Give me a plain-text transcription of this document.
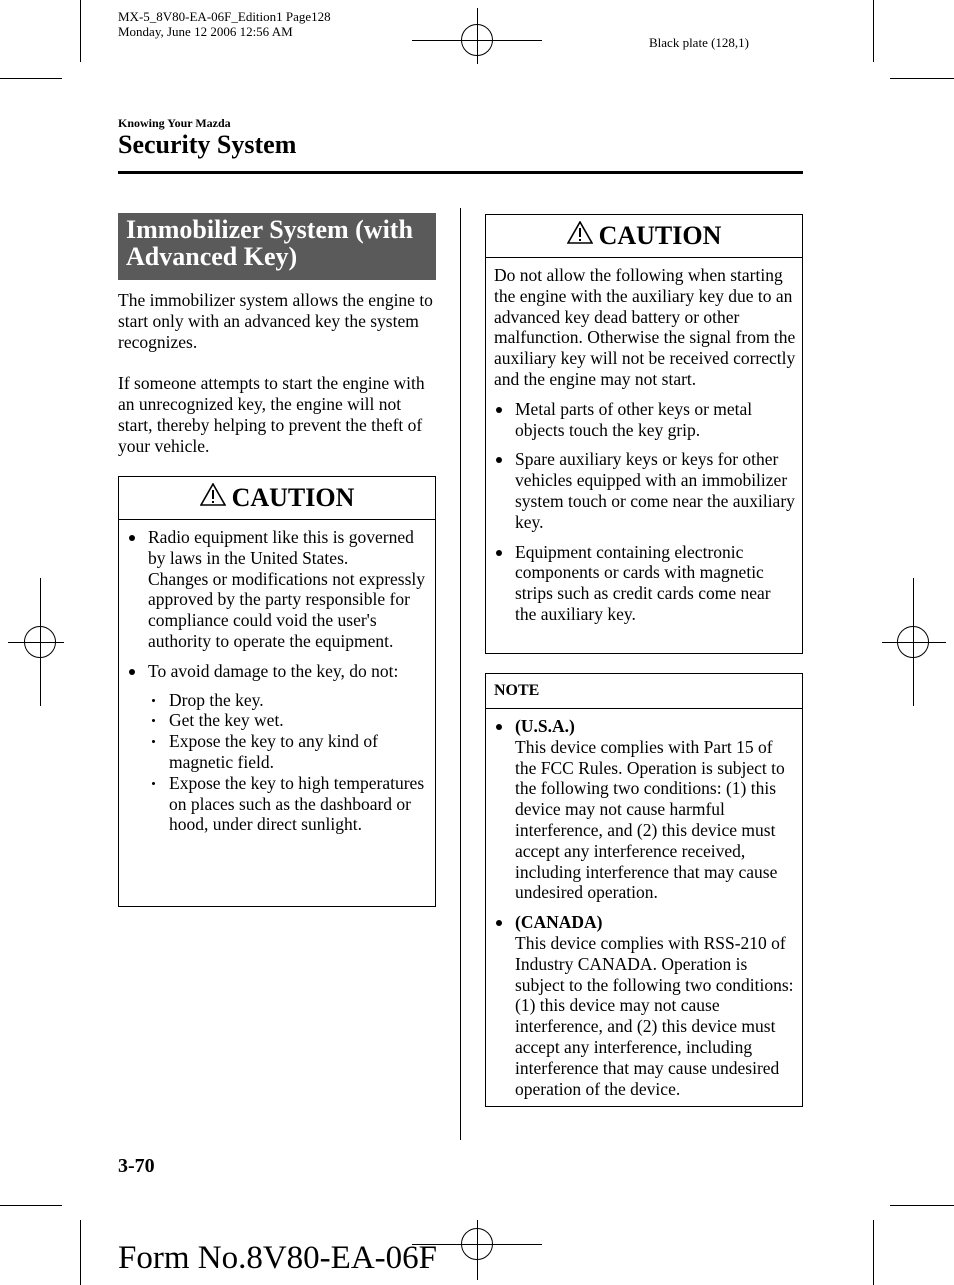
MX-5_8V80-EA-06F_Edition1 Page128
Monday, June 12 2006 12:56 AM
Black plate (128,1)
Knowing Your Mazda
Security System
Immobilizer System (with Advanced Key)
The immobilizer system allows the engine to start only with an advanced key the system recognizes.
If someone attempts to start the engine with an unrecognized key, the engine will not start, thereby helping to prevent the theft of your vehicle.
CAUTION
Radio equipment like this is governed by laws in the United States.
Changes or modifications not expressly approved by the party responsible for compliance could void the user's authority to operate the equipment.
To avoid damage to the key, do not:
Drop the key.
Get the key wet.
Expose the key to any kind of magnetic field.
Expose the key to high temperatures on places such as the dashboard or hood, under direct sunlight.
CAUTION
Do not allow the following when starting the engine with the auxiliary key due to an advanced key dead battery or other malfunction. Otherwise the signal from the auxiliary key will not be received correctly and the engine may not start.
Metal parts of other keys or metal objects touch the key grip.
Spare auxiliary keys or keys for other vehicles equipped with an immobilizer system touch or come near the auxiliary key.
Equipment containing electronic components or cards with magnetic strips such as credit cards come near the auxiliary key.
NOTE
(U.S.A.)
This device complies with Part 15 of the FCC Rules. Operation is subject to the following two conditions: (1) this device may not cause harmful interference, and (2) this device must accept any interference received, including interference that may cause undesired operation.
(CANADA)
This device complies with RSS-210 of Industry CANADA. Operation is subject to the following two conditions: (1) this device may not cause interference, and (2) this device must accept any interference, including interference that may cause undesired operation of the device.
3-70
Form No.8V80-EA-06F
